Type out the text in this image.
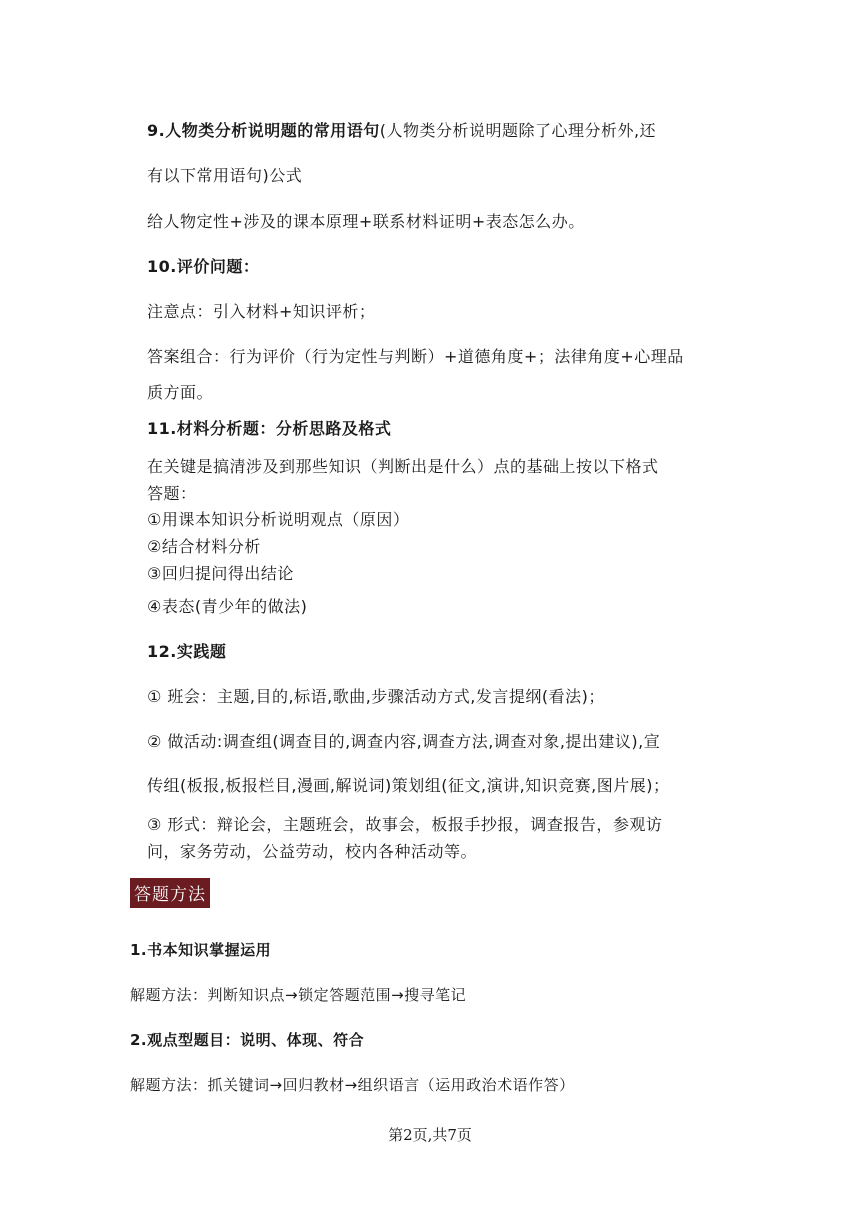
9.人物类分析说明题的常用语句(人物类分析说明题除了心理分析外,还
有以下常用语句)公式
给人物定性+涉及的课本原理+联系材料证明+表态怎么办。
10.评价问题：
注意点：引入材料+知识评析；
答案组合：行为评价（行为定性与判断）+道德角度+；法律角度+心理品
质方面。
11.材料分析题：分析思路及格式
在关键是搞清涉及到那些知识（判断出是什么）点的基础上按以下格式
答题：
①用课本知识分析说明观点（原因）
②结合材料分析
③回归提问得出结论
④表态(青少年的做法)
12.实践题
① 班会：主题,目的,标语,歌曲,步骤活动方式,发言提纲(看法)；
② 做活动:调查组(调查目的,调查内容,调查方法,调查对象,提出建议),宣
传组(板报,板报栏目,漫画,解说词)策划组(征文,演讲,知识竞赛,图片展)；
③ 形式：辩论会，主题班会，故事会，板报手抄报，调查报告，参观访
问，家务劳动，公益劳动，校内各种活动等。
答题方法
1.书本知识掌握运用
解题方法：判断知识点→锁定答题范围→搜寻笔记
2.观点型题目：说明、体现、符合
解题方法：抓关键词→回归教材→组织语言（运用政治术语作答）
第2页,共7页
